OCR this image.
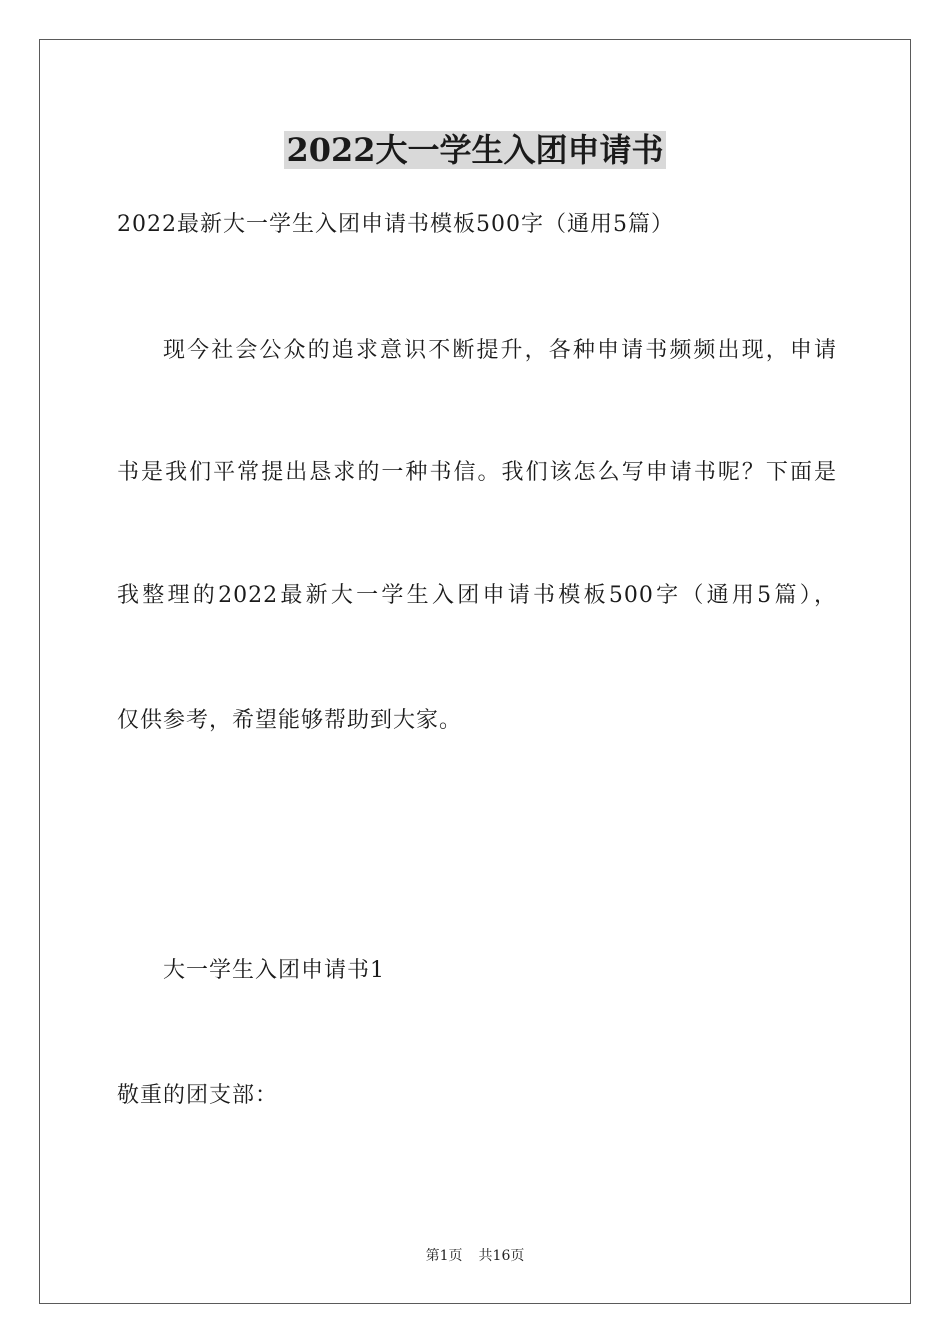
2022大一学生入团申请书
2022最新大一学生入团申请书模板500字（通用5篇）
现今社会公众的追求意识不断提升，各种申请书频频出现，申请
书是我们平常提出恳求的一种书信。我们该怎么写申请书呢？下面是
我整理的2022最新大一学生入团申请书模板500字（通用5篇），
仅供参考，希望能够帮助到大家。
大一学生入团申请书1
敬重的团支部：
第1页 共16页
